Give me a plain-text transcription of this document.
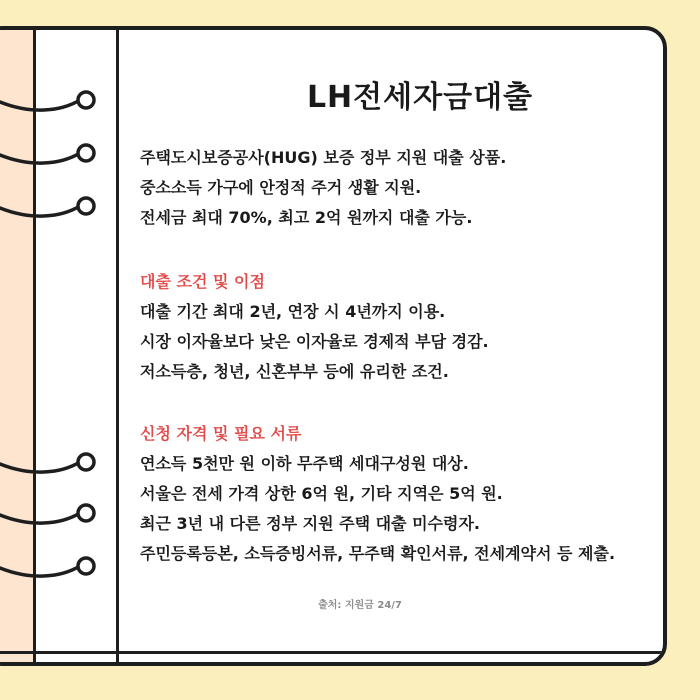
LH전세자금대출
주택도시보증공사(HUG) 보증 정부 지원 대출 상품.
중소소득 가구에 안정적 주거 생활 지원.
전세금 최대 70%, 최고 2억 원까지 대출 가능.
대출 조건 및 이점
대출 기간 최대 2년, 연장 시 4년까지 이용.
시장 이자율보다 낮은 이자율로 경제적 부담 경감.
저소득층, 청년, 신혼부부 등에 유리한 조건.
신청 자격 및 필요 서류
연소득 5천만 원 이하 무주택 세대구성원 대상.
서울은 전세 가격 상한 6억 원, 기타 지역은 5억 원.
최근 3년 내 다른 정부 지원 주택 대출 미수령자.
주민등록등본, 소득증빙서류, 무주택 확인서류, 전세계약서 등 제출.
출처: 지원금 24/7
